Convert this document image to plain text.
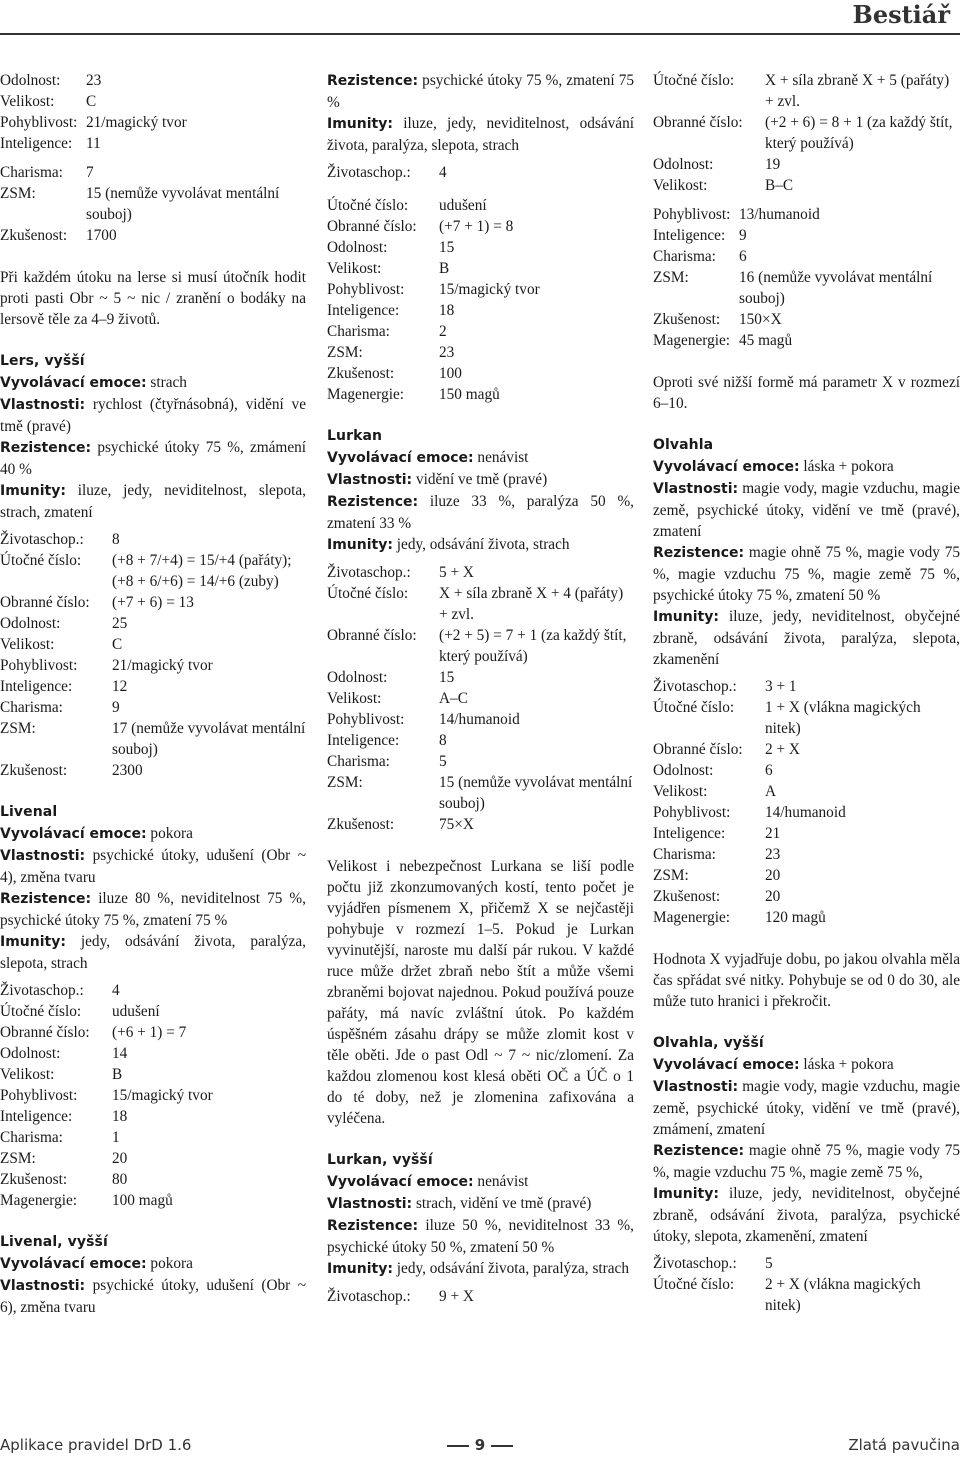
Bestiář
Odolnost:	23
Velikost:	C
Pohyblivost: 21/magický tvor
Inteligence: 11
Charisma:	7
ZSM:	15 (nemůže vyvolávat mentální souboj)
Zkušenost:	1700
Při každém útoku na lerse si musí útočník hodit proti pasti Obr ~ 5 ~ nic / zranění o bodáky na lersově těle za 4–9 životů.
Lers, vyšší
Vyvolávací emoce: strach
Vlastnosti: rychlost (čtyřnásobná), vidění ve tmě (pravé)
Rezistence: psychické útoky 75 %, zmámení 40 %
Imunity: iluze, jedy, neviditelnost, slepota, strach, zmatení
Životaschop.:	8
Útočné číslo:	(+8 + 7/+4) = 15/+4 (pařáty); (+8 + 6/+6) = 14/+6 (zuby)
Obranné číslo:	(+7 + 6) = 13
Odolnost:	25
Velikost:	C
Pohyblivost:	21/magický tvor
Inteligence:	12
Charisma:	9
ZSM:	17 (nemůže vyvolávat mentální souboj)
Zkušenost:	2300
Livenal
Vyvolávací emoce: pokora
Vlastnosti: psychické útoky, udušení (Obr ~ 4), změna tvaru
Rezistence: iluze 80 %, neviditelnost 75 %, psychické útoky 75 %, zmatení 75 %
Imunity: jedy, odsávání života, paralýza, slepota, strach
Životaschop.:	4
Útočné číslo:	udušení
Obranné číslo:	(+6 + 1) = 7
Odolnost:	14
Velikost:	B
Pohyblivost:	15/magický tvor
Inteligence:	18
Charisma:	1
ZSM:	20
Zkušenost:	80
Magenergie:	100 magů
Livenal, vyšší
Vyvolávací emoce: pokora
Vlastnosti: psychické útoky, udušení (Obr ~ 6), změna tvaru
Rezistence: psychické útoky 75 %, zmatení 75 %
Imunity: iluze, jedy, neviditelnost, odsávání života, paralýza, slepota, strach
Životaschop.:	4
Útočné číslo:	udušení
Obranné číslo:	(+7 + 1) = 8
Odolnost:	15
Velikost:	B
Pohyblivost:	15/magický tvor
Inteligence:	18
Charisma:	2
ZSM:	23
Zkušenost:	100
Magenergie:	150 magů
Lurkan
Vyvolávací emoce: nenávist
Vlastnosti: vidění ve tmě (pravé)
Rezistence: iluze 33 %, paralýza 50 %, zmatení 33 %
Imunity: jedy, odsávání života, strach
Životaschop.:	5 + X
Útočné číslo:	X + síla zbraně X + 4 (pařáty) + zvl.
Obranné číslo:	(+2 + 5) = 7 + 1 (za každý štít, který používá)
Odolnost:	15
Velikost:	A–C
Pohyblivost:	14/humanoid
Inteligence:	8
Charisma:	5
ZSM:	15 (nemůže vyvolávat mentální souboj)
Zkušenost:	75×X
Velikost i nebezpečnost Lurkana se liší podle počtu již zkonzumovaných kostí, tento počet je vyjádřen písmenem X, přičemž X se nejčastěji pohybuje v rozmezí 1–5. Pokud je Lurkan vyvinutější, naroste mu další pár rukou. V každé ruce může držet zbraň nebo štít a může všemi zbraněmi bojovat najednou. Pokud používá pouze pařáty, má navíc zvláštní útok. Po každém úspěšném zásahu drápy se může zlomit kost v těle oběti. Jde o past Odl ~ 7 ~ nic/zlomení. Za každou zlomenou kost klesá oběti OČ a ÚČ o 1 do té doby, než je zlomenina zafixována a vyléčena.
Lurkan, vyšší
Vyvolávací emoce: nenávist
Vlastnosti: strach, vidění ve tmě (pravé)
Rezistence: iluze 50 %, neviditelnost 33 %, psychické útoky 50 %, zmatení 50 %
Imunity: jedy, odsávání života, paralýza, strach
Životaschop.:	9 + X
Útočné číslo:	X + síla zbraně X + 5 (pařáty) + zvl.
Obranné číslo:	(+2 + 6) = 8 + 1 (za každý štít, který používá)
Odolnost:	19
Velikost:	B–C
Pohyblivost: 13/humanoid
Inteligence: 9
Charisma:	6
ZSM:	16 (nemůže vyvolávat mentální souboj)
Zkušenost:	150×X
Magenergie: 45 magů
Oproti své nižší formě má parametr X v rozmezí 6–10.
Olvahla
Vyvolávací emoce: láska + pokora
Vlastnosti: magie vody, magie vzduchu, magie země, psychické útoky, vidění ve tmě (pravé), zmatení
Rezistence: magie ohně 75 %, magie vody 75 %, magie vzduchu 75 %, magie země 75 %, psychické útoky 75 %, zmatení 50 %
Imunity: iluze, jedy, neviditelnost, obyčejné zbraně, odsávání života, paralýza, slepota, zkamenění
Životaschop.:	3 + 1
Útočné číslo:	1 + X (vlákna magických nitek)
Obranné číslo:	2 + X
Odolnost:	6
Velikost:	A
Pohyblivost:	14/humanoid
Inteligence:	21
Charisma:	23
ZSM:	20
Zkušenost:	20
Magenergie:	120 magů
Hodnota X vyjadřuje dobu, po jakou olvahla měla čas spřádat své nitky. Pohybuje se od 0 do 30, ale může tuto hranici i překročit.
Olvahla, vyšší
Vyvolávací emoce: láska + pokora
Vlastnosti: magie vody, magie vzduchu, magie země, psychické útoky, vidění ve tmě (pravé), zmámení, zmatení
Rezistence: magie ohně 75 %, magie vody 75 %, magie vzduchu 75 %, magie země 75 %,
Imunity: iluze, jedy, neviditelnost, obyčejné zbraně, odsávání života, paralýza, psychické útoky, slepota, zkamenění, zmatení
Životaschop.:	5
Útočné číslo:	2 + X (vlákna magických nitek)
Aplikace pravidel DrD 1.6	9	Zlatá pavučina
